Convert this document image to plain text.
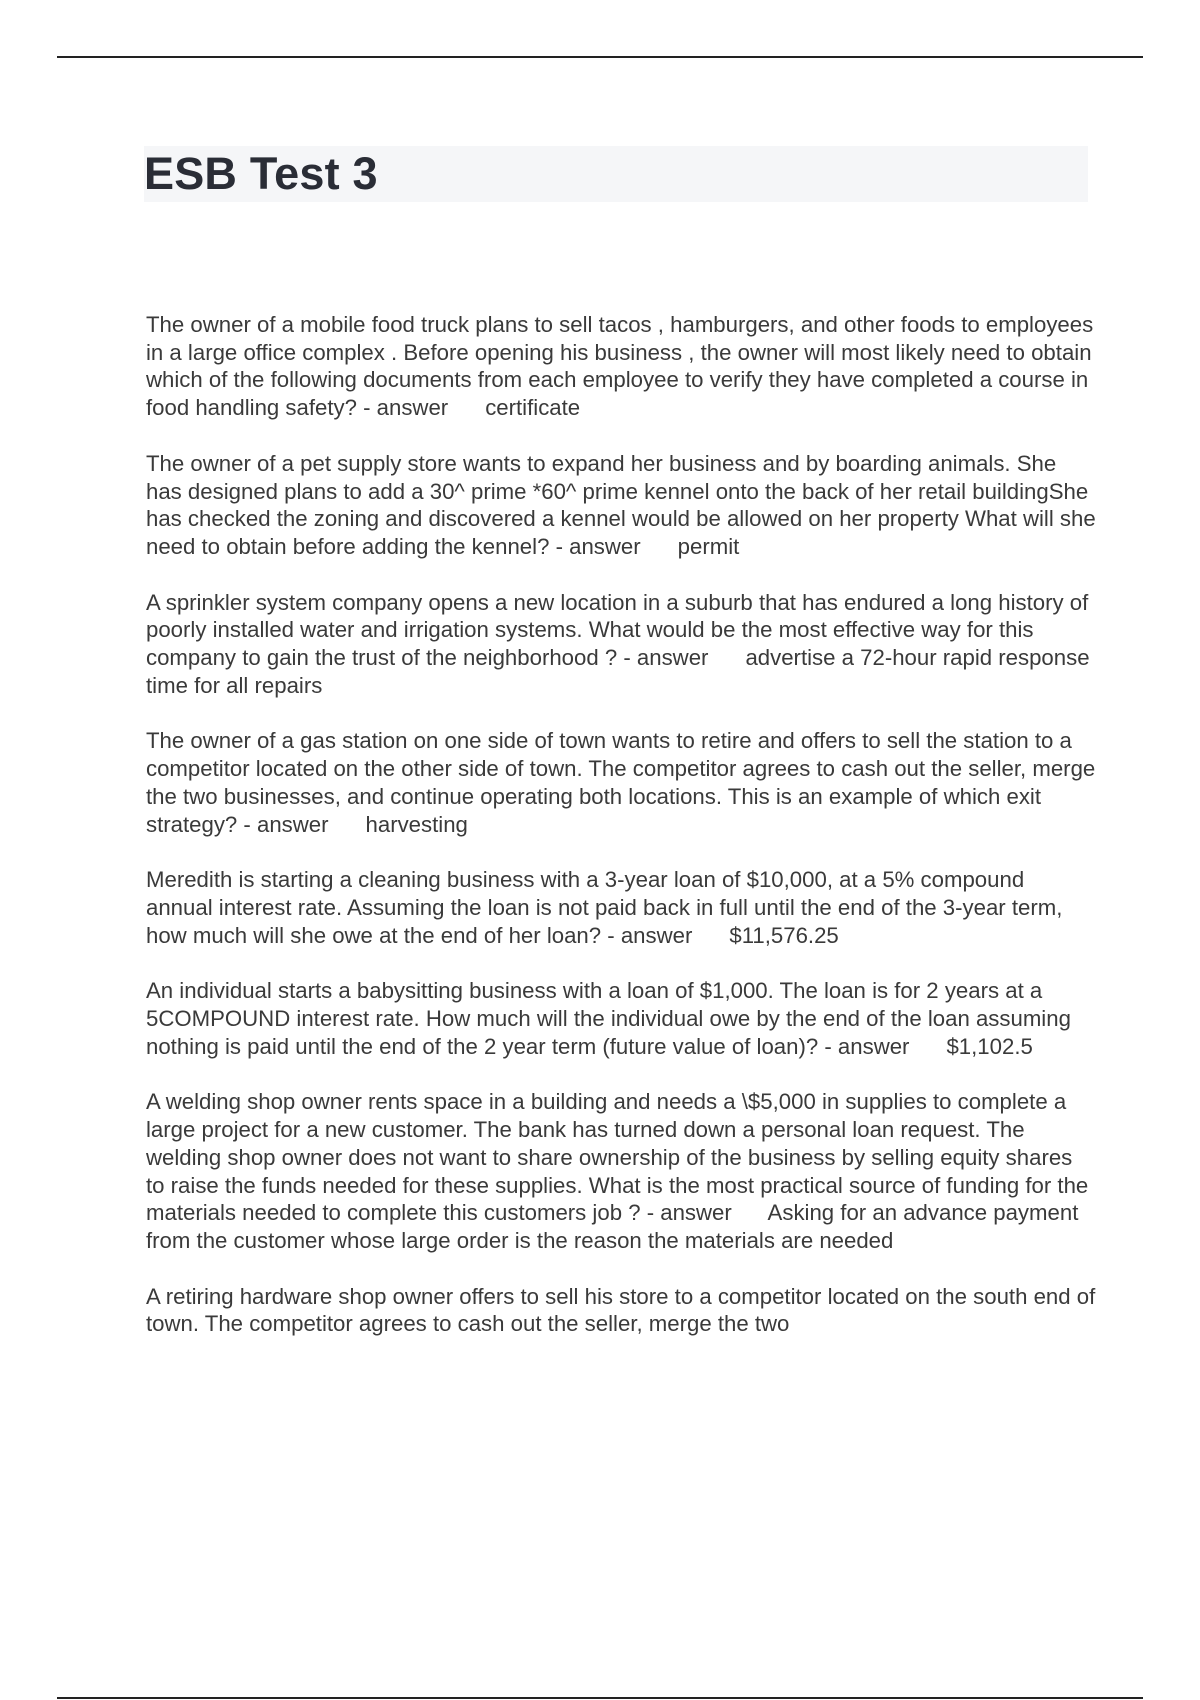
ESB Test 3
The owner of a mobile food truck plans to sell tacos , hamburgers, and other foods to employees in a large office complex . Before opening his business , the owner will most likely need to obtain which of the following documents from each employee to verify they have completed a course in food handling safety? - answer certificate
The owner of a pet supply store wants to expand her business and by boarding animals. She has designed plans to add a 30^ prime *60^ prime kennel onto the back of her retail buildingShe has checked the zoning and discovered a kennel would be allowed on her property What will she need to obtain before adding the kennel? - answer permit
A sprinkler system company opens a new location in a suburb that has endured a long history of poorly installed water and irrigation systems. What would be the most effective way for this company to gain the trust of the neighborhood ? - answer advertise a 72-hour rapid response time for all repairs
The owner of a gas station on one side of town wants to retire and offers to sell the station to a competitor located on the other side of town. The competitor agrees to cash out the seller, merge the two businesses, and continue operating both locations. This is an example of which exit strategy? - answer harvesting
Meredith is starting a cleaning business with a 3-year loan of $10,000, at a 5% compound annual interest rate. Assuming the loan is not paid back in full until the end of the 3-year term, how much will she owe at the end of her loan? - answer $11,576.25
An individual starts a babysitting business with a loan of $1,000. The loan is for 2 years at a 5COMPOUND interest rate. How much will the individual owe by the end of the loan assuming nothing is paid until the end of the 2 year term (future value of loan)? - answer $1,102.5
A welding shop owner rents space in a building and needs a \$5,000 in supplies to complete a large project for a new customer. The bank has turned down a personal loan request. The welding shop owner does not want to share ownership of the business by selling equity shares to raise the funds needed for these supplies. What is the most practical source of funding for the materials needed to complete this customers job ? - answer Asking for an advance payment from the customer whose large order is the reason the materials are needed
A retiring hardware shop owner offers to sell his store to a competitor located on the south end of town. The competitor agrees to cash out the seller, merge the two
